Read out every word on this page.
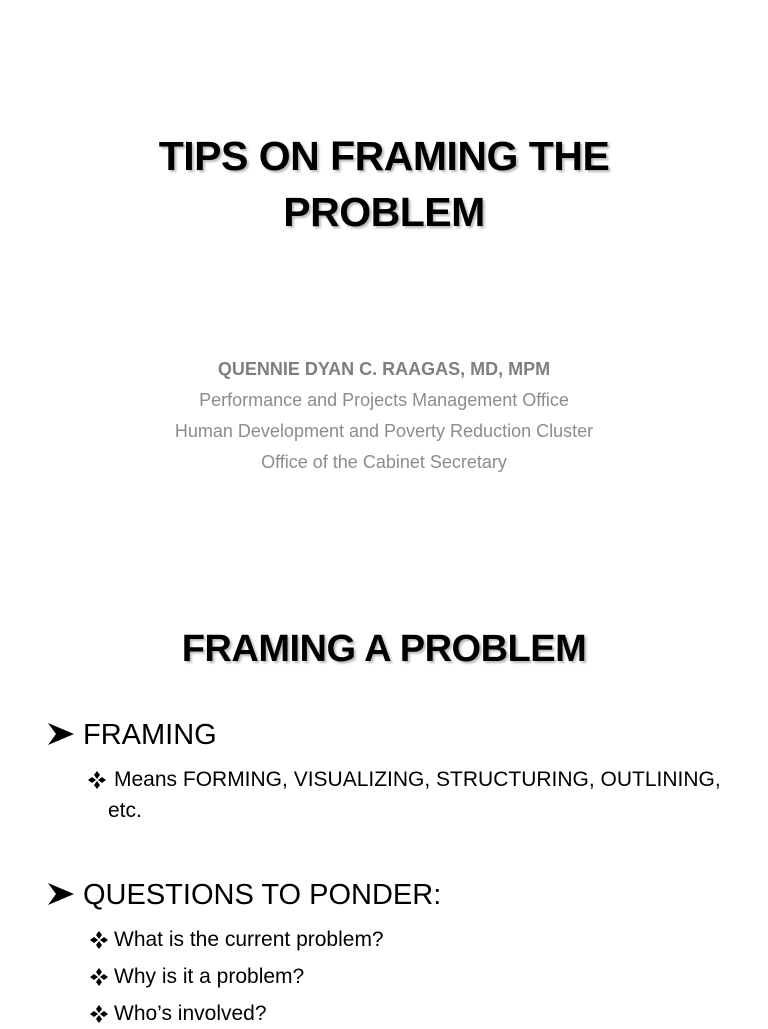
TIPS ON FRAMING THE PROBLEM
QUENNIE DYAN C. RAAGAS, MD, MPM
Performance and Projects Management Office
Human Development and Poverty Reduction Cluster
Office of the Cabinet Secretary
FRAMING A PROBLEM
FRAMING
Means FORMING, VISUALIZING, STRUCTURING, OUTLINING, etc.
QUESTIONS TO PONDER:
What is the current problem?
Why is it a problem?
Who’s involved?
